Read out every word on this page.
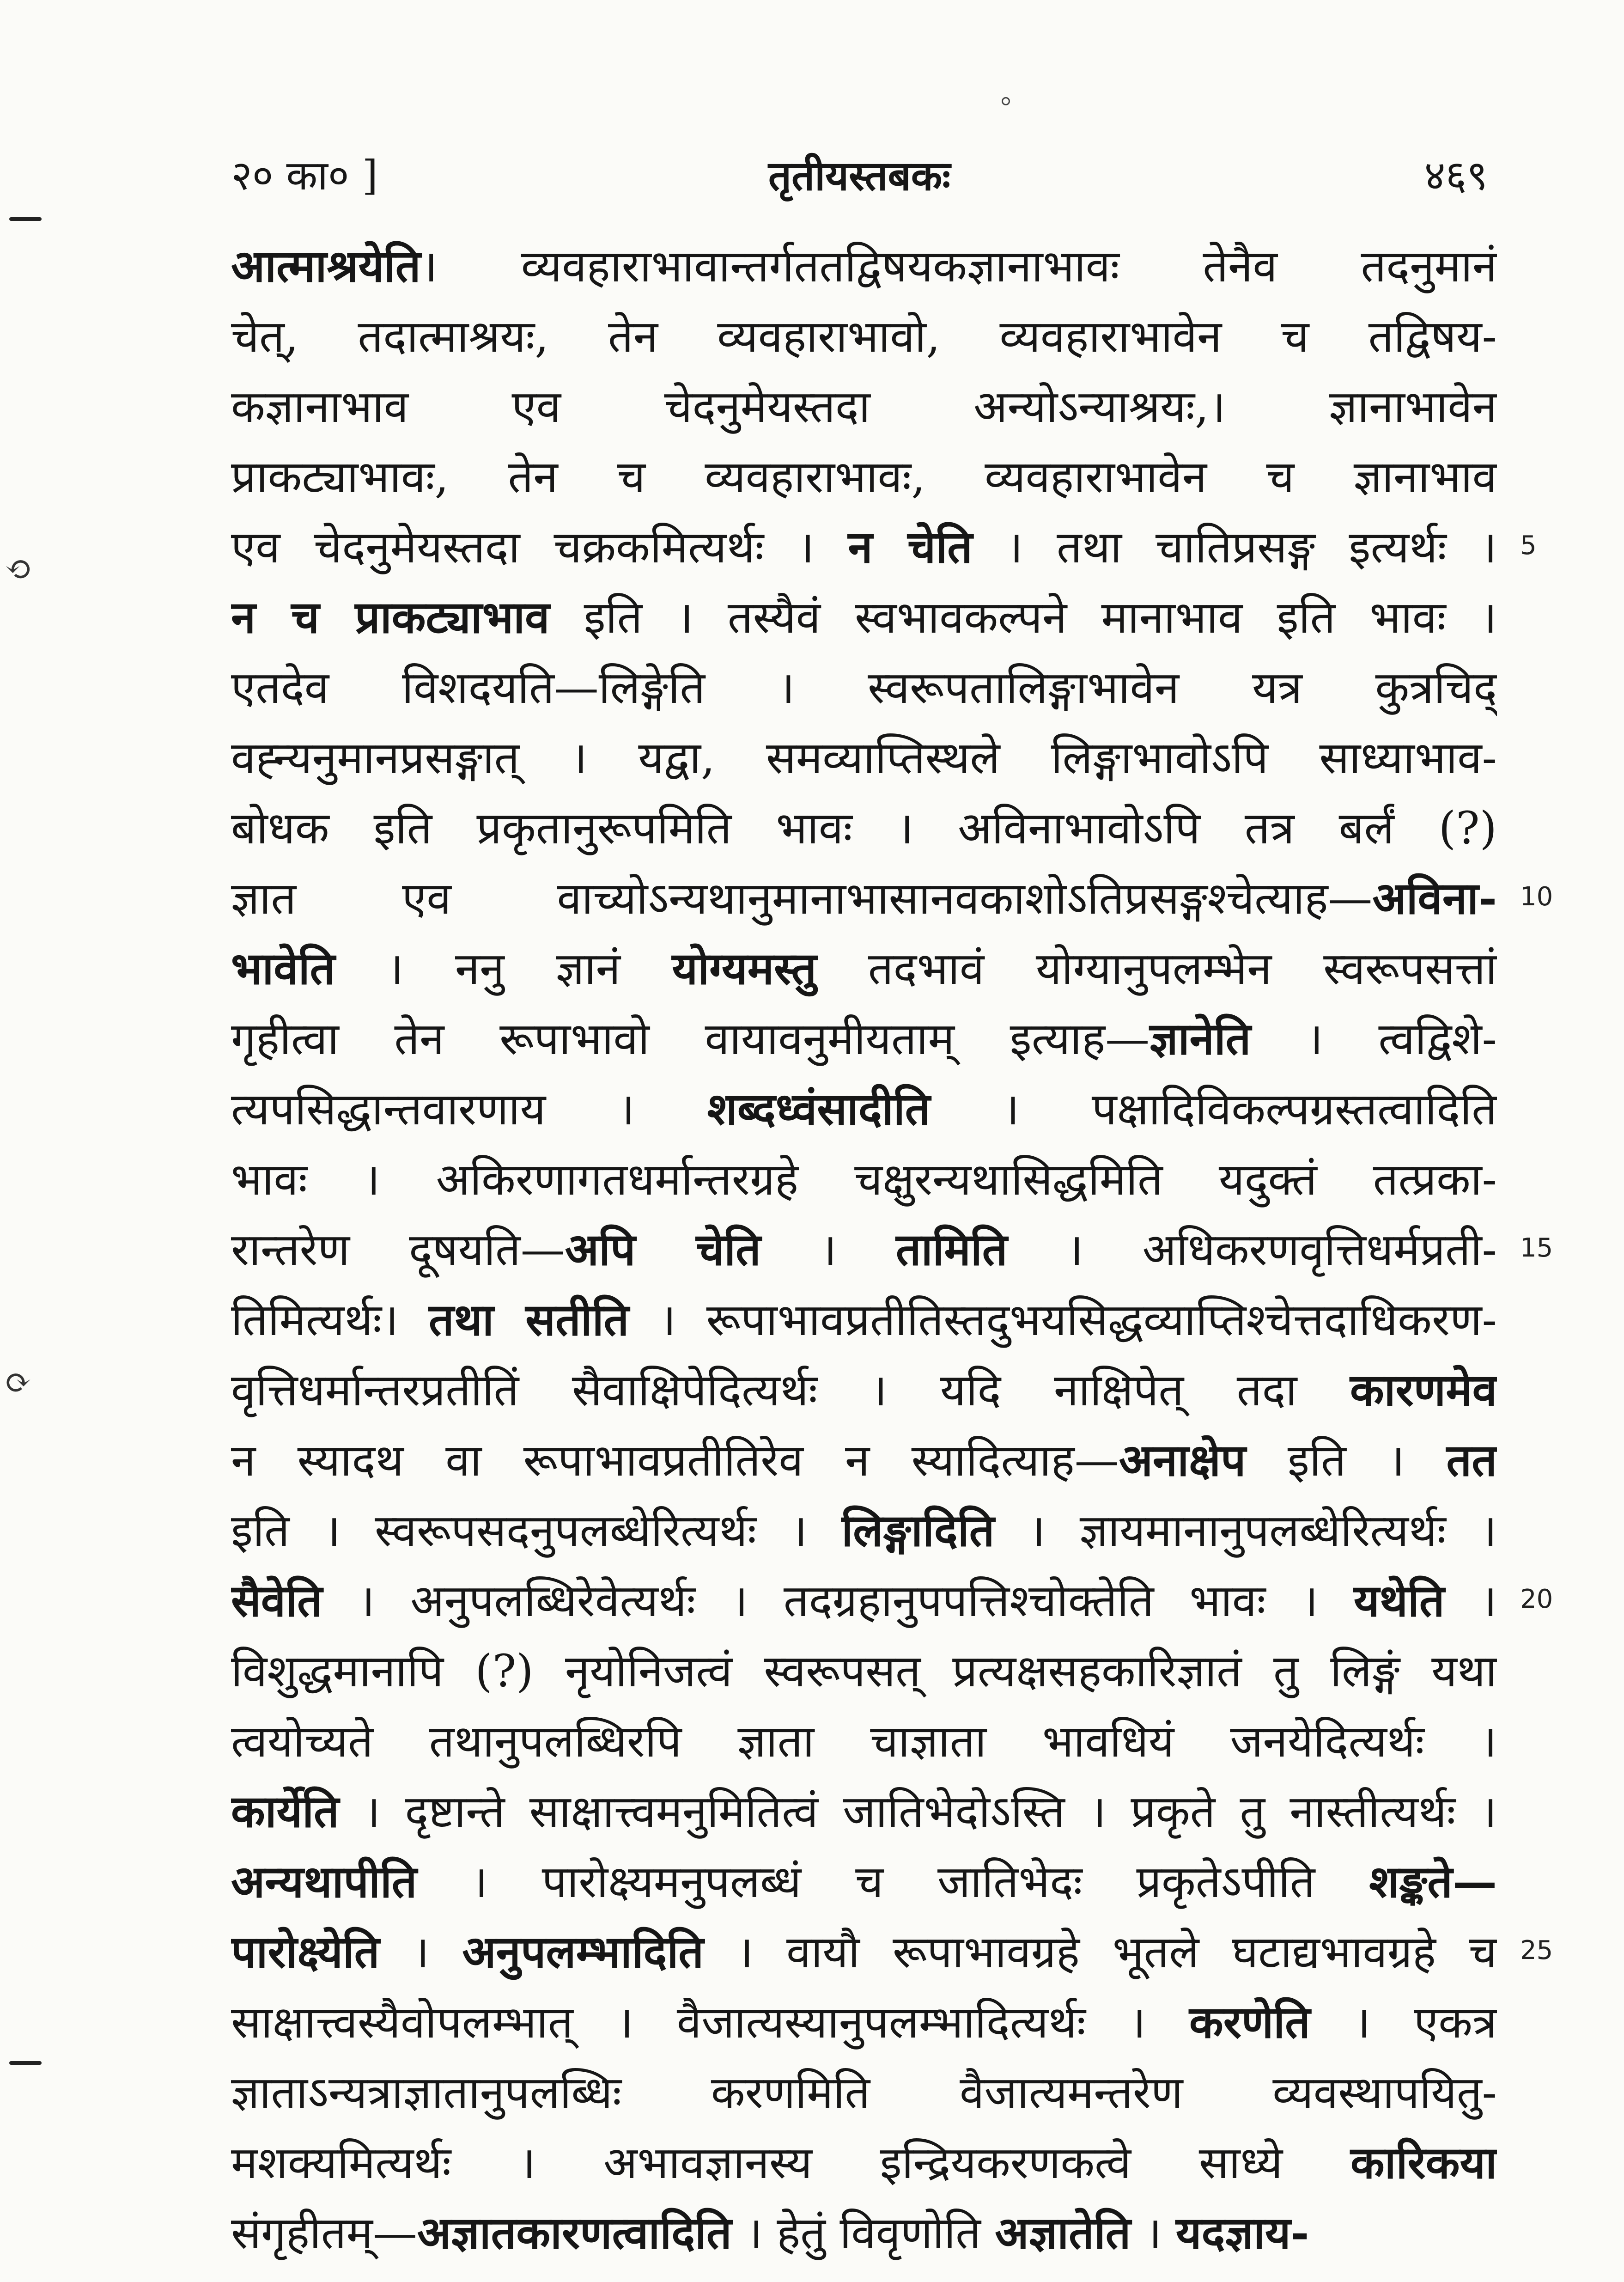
२० का० ]	तृतीयस्तबकः	४६९
⟲
⟳
आत्माश्रयेति। व्यवहाराभावान्तर्गततद्विषयकज्ञानाभावः तेनैव तदनुमानं
चेत्, तदात्माश्रयः, तेन व्यवहाराभावो, व्यवहाराभावेन च तद्विषय-
कज्ञानाभाव एव चेदनुमेयस्तदा अन्योऽन्याश्रयः,। ज्ञानाभावेन
प्राकट्याभावः, तेन च व्यवहाराभावः, व्यवहाराभावेन च ज्ञानाभाव
एव चेदनुमेयस्तदा चक्रकमित्यर्थः । न चेति । तथा चातिप्रसङ्ग इत्यर्थः ।
न च प्राकट्याभाव इति । तस्यैवं स्वभावकल्पने मानाभाव इति भावः ।
एतदेव विशदयति—लिङ्गेति । स्वरूपतालिङ्गाभावेन यत्र कुत्रचिद्
वह्न्यनुमानप्रसङ्गात् । यद्वा, समव्याप्तिस्थले लिङ्गाभावोऽपि साध्याभाव-
बोधक इति प्रकृतानुरूपमिति भावः । अविनाभावोऽपि तत्र बर्लं (?)
ज्ञात एव वाच्योऽन्यथानुमानाभासानवकाशोऽतिप्रसङ्गश्चेत्याह—अविना-
भावेति । ननु ज्ञानं योग्यमस्तु तदभावं योग्यानुपलम्भेन स्वरूपसत्तां
गृहीत्वा तेन रूपाभावो वायावनुमीयताम् इत्याह—ज्ञानेति । त्वद्विशे-
त्यपसिद्धान्तवारणाय । शब्दध्वंसादीति । पक्षादिविकल्पग्रस्तत्वादिति
भावः । अकिरणागतधर्मान्तरग्रहे चक्षुरन्यथासिद्धमिति यदुक्तं तत्प्रका-
रान्तरेण दूषयति—अपि चेति । तामिति । अधिकरणवृत्तिधर्मप्रती-
तिमित्यर्थः। तथा सतीति । रूपाभावप्रतीतिस्तदुभयसिद्धव्याप्तिश्चेत्तदाधिकरण-
वृत्तिधर्मान्तरप्रतीतिं सैवाक्षिपेदित्यर्थः । यदि नाक्षिपेत् तदा कारणमेव
न स्यादथ वा रूपाभावप्रतीतिरेव न स्यादित्याह—अनाक्षेप इति । तत
इति । स्वरूपसदनुपलब्धेरित्यर्थः । लिङ्गादिति । ज्ञायमानानुपलब्धेरित्यर्थः ।
सैवेति । अनुपलब्धिरेवेत्यर्थः । तदग्रहानुपपत्तिश्चोक्तेति भावः । यथेति ।
विशुद्धमानापि (?) नृयोनिजत्वं स्वरूपसत् प्रत्यक्षसहकारिज्ञातं तु लिङ्गं यथा
त्वयोच्यते तथानुपलब्धिरपि ज्ञाता चाज्ञाता भावधियं जनयेदित्यर्थः ।
कार्येति । दृष्टान्ते साक्षात्त्वमनुमितित्वं जातिभेदोऽस्ति । प्रकृते तु नास्तीत्यर्थः ।
अन्यथापीति । पारोक्ष्यमनुपलब्धं च जातिभेदः प्रकृतेऽपीति शङ्कते—
पारोक्ष्येति । अनुपलम्भादिति । वायौ रूपाभावग्रहे भूतले घटाद्यभावग्रहे च
साक्षात्त्वस्यैवोपलम्भात् । वैजात्यस्यानुपलम्भादित्यर्थः । करणेति । एकत्र
ज्ञाताऽन्यत्राज्ञातानुपलब्धिः करणमिति वैजात्यमन्तरेण व्यवस्थापयितु-
मशक्यमित्यर्थः । अभावज्ञानस्य इन्द्रियकरणकत्वे साध्ये कारिकया
संगृहीतम्—अज्ञातकारणत्वादिति । हेतुं विवृणोति अज्ञातेति । यदज्ञाय-
5
10
15
20
25
